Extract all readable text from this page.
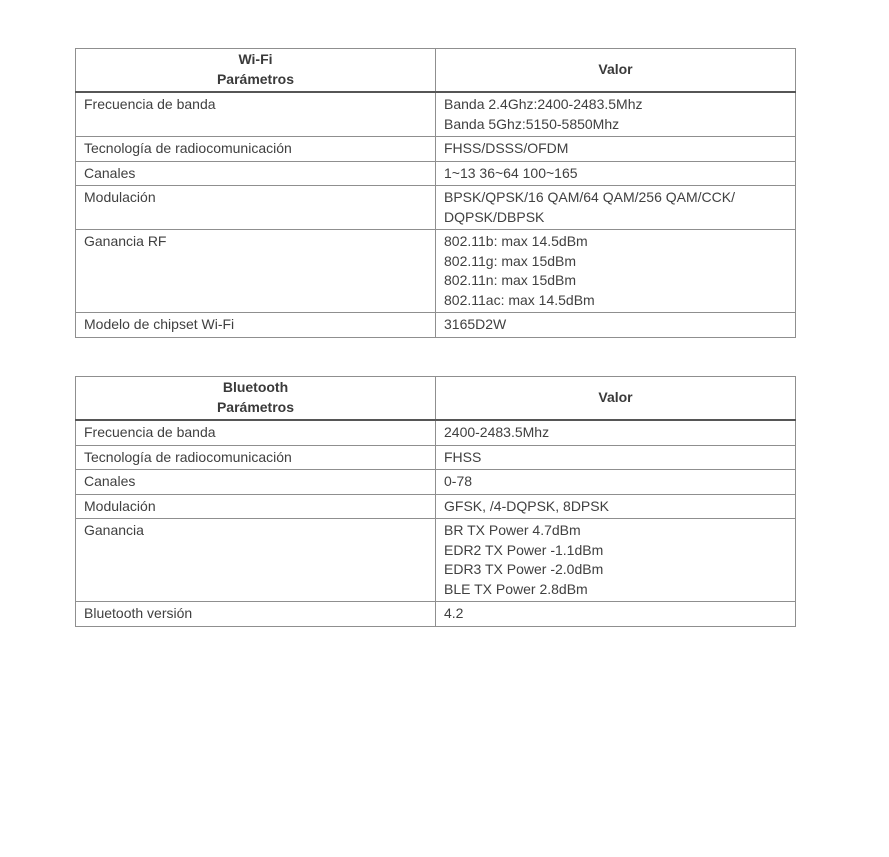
Wi-Fi
Parámetros	Valor
Frecuencia de banda	Banda 2.4Ghz:2400-2483.5Mhz
Banda 5Ghz:5150-5850Mhz

Tecnología de radiocomunicación	FHSS/DSSS/OFDM

Canales	1~13 36~64 100~165

Modulación	BPSK/QPSK/16 QAM/64 QAM/256 QAM/CCK/
DQPSK/DBPSK

Ganancia RF	802.11b: max 14.5dBm
802.11g: max 15dBm
802.11n: max 15dBm
802.11ac: max 14.5dBm

Modelo de chipset Wi-Fi	3165D2W
Bluetooth
Parámetros	Valor
Frecuencia de banda	2400-2483.5Mhz

Tecnología de radiocomunicación	FHSS

Canales	0-78

Modulación	GFSK, /4-DQPSK, 8DPSK

Ganancia	BR TX Power 4.7dBm
EDR2 TX Power -1.1dBm
EDR3 TX Power -2.0dBm
BLE TX Power 2.8dBm

Bluetooth versión	4.2
